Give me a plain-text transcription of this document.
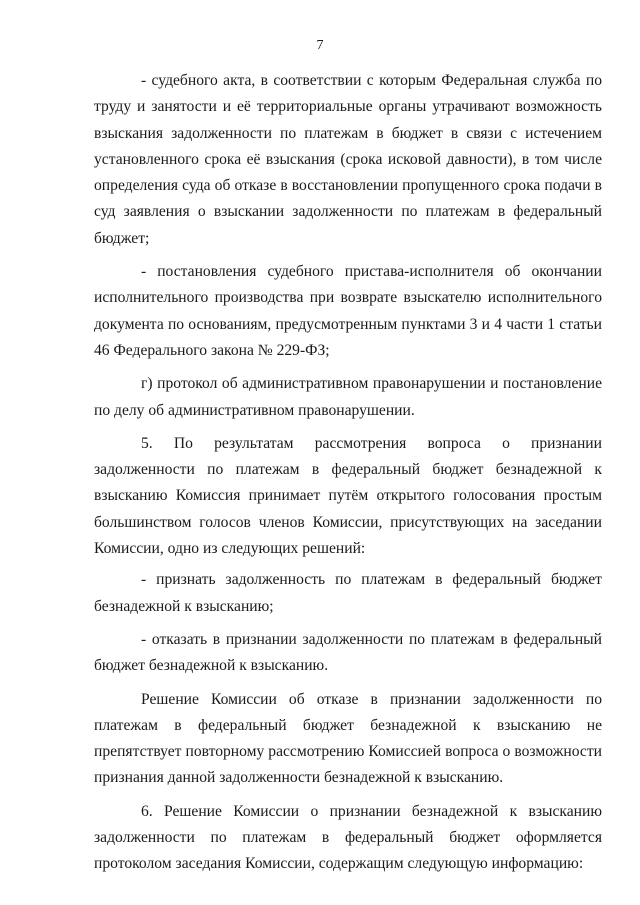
7

- судебного акта, в соответствии с которым Федеральная служба по труду и занятости и её территориальные органы утрачивают возможность взыскания задолженности по платежам в бюджет в связи с истечением установленного срока её взыскания (срока исковой давности), в том числе определения суда об отказе в восстановлении пропущенного срока подачи в суд заявления о взыскании задолженности по платежам в федеральный бюджет;

- постановления судебного пристава-исполнителя об окончании исполнительного производства при возврате взыскателю исполнительного документа по основаниям, предусмотренным пунктами 3 и 4 части 1 статьи 46 Федерального закона № 229-ФЗ;

г) протокол об административном правонарушении и постановление по делу об административном правонарушении.

5. По результатам рассмотрения вопроса о признании задолженности по платежам в федеральный бюджет безнадежной к взысканию Комиссия принимает путём открытого голосования простым большинством голосов членов Комиссии, присутствующих на заседании Комиссии, одно из следующих решений:

- признать задолженность по платежам в федеральный бюджет безнадежной к взысканию;

- отказать в признании задолженности по платежам в федеральный бюджет безнадежной к взысканию.

Решение Комиссии об отказе в признании задолженности по платежам в федеральный бюджет безнадежной к взысканию не препятствует повторному рассмотрению Комиссией вопроса о возможности признания данной задолженности безнадежной к взысканию.

6. Решение Комиссии о признании безнадежной к взысканию задолженности по платежам в федеральный бюджет оформляется протоколом заседания Комиссии, содержащим следующую информацию:
